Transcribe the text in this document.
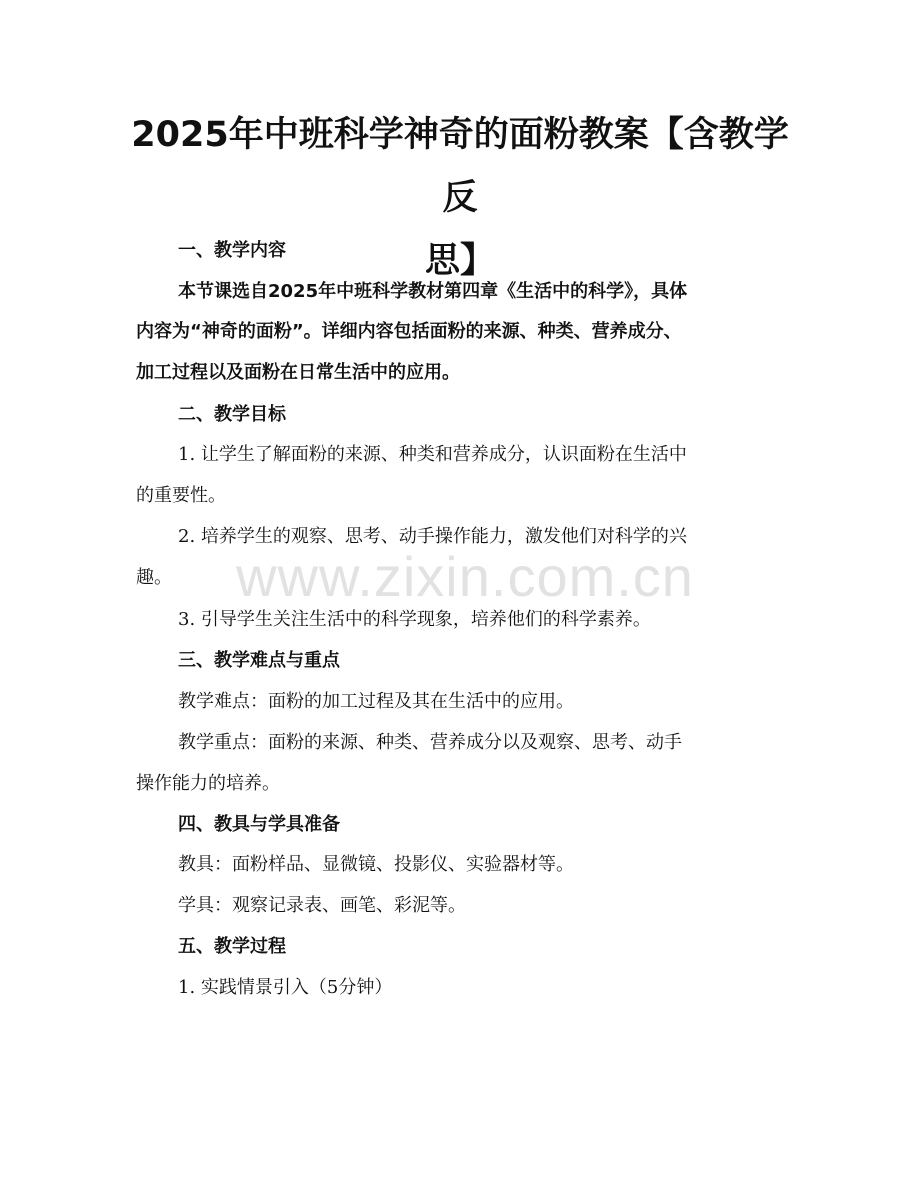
2025年中班科学神奇的面粉教案【含教学反
思】
一、教学内容
本节课选自2025年中班科学教材第四章《生活中的科学》，具体
内容为“神奇的面粉”。详细内容包括面粉的来源、种类、营养成分、
加工过程以及面粉在日常生活中的应用。
二、教学目标
1. 让学生了解面粉的来源、种类和营养成分，认识面粉在生活中
的重要性。
2. 培养学生的观察、思考、动手操作能力，激发他们对科学的兴
趣。
3. 引导学生关注生活中的科学现象，培养他们的科学素养。
三、教学难点与重点
教学难点：面粉的加工过程及其在生活中的应用。
教学重点：面粉的来源、种类、营养成分以及观察、思考、动手
操作能力的培养。
四、教具与学具准备
教具：面粉样品、显微镜、投影仪、实验器材等。
学具：观察记录表、画笔、彩泥等。
五、教学过程
1. 实践情景引入（5分钟）
www.zixin.com.cn
